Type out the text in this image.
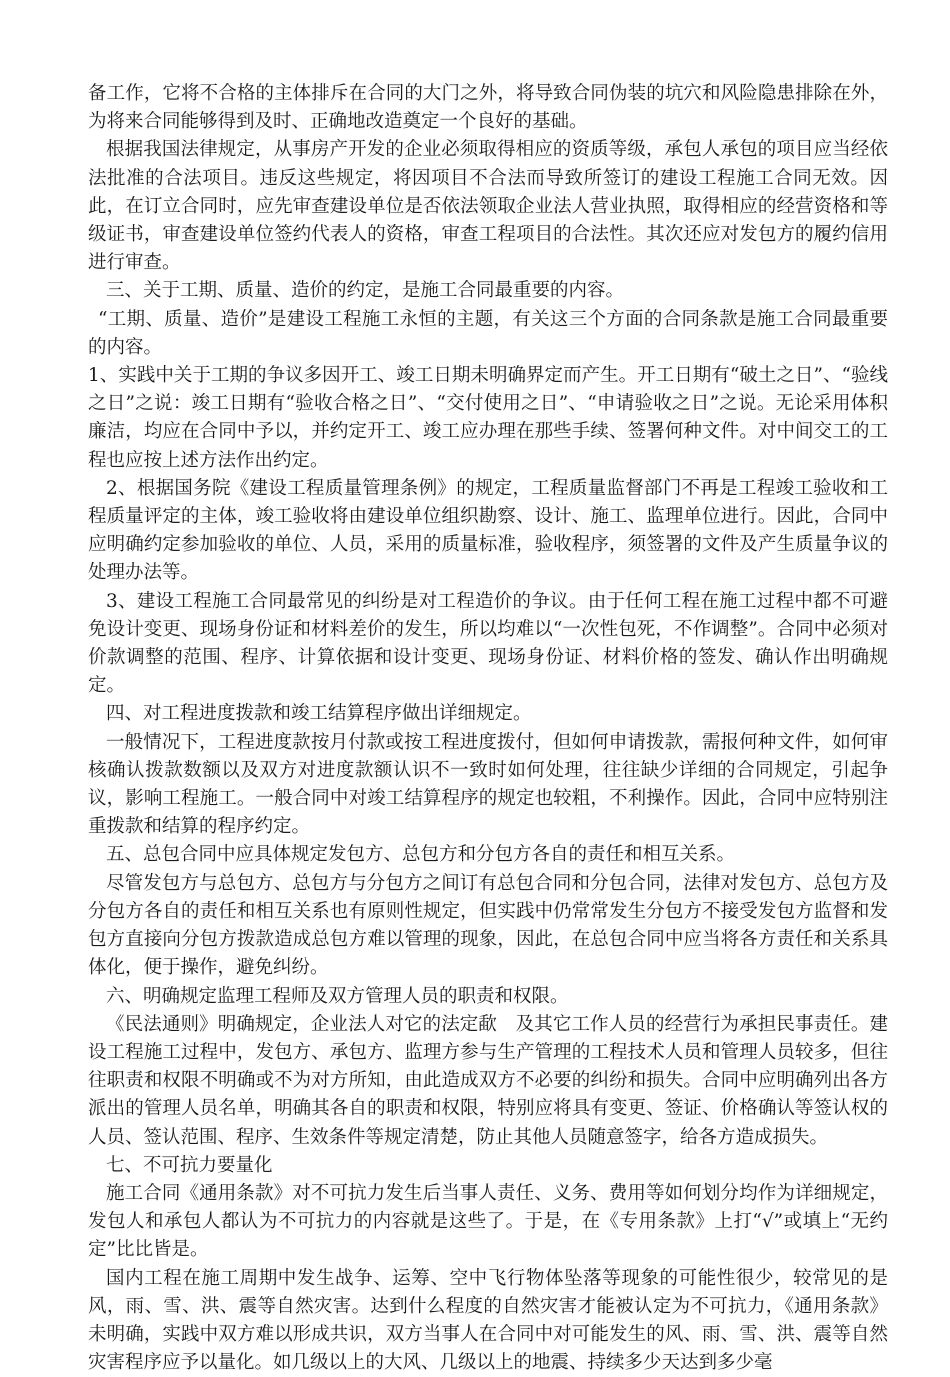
备工作，它将不合格的主体排斥在合同的大门之外，将导致合同伪装的坑穴和风险隐患排除在外，为将来合同能够得到及时、正确地改造奠定一个良好的基础。

根据我国法律规定，从事房产开发的企业必须取得相应的资质等级，承包人承包的项目应当经依法批准的合法项目。违反这些规定，将因项目不合法而导致所签订的建设工程施工合同无效。因此，在订立合同时，应先审查建设单位是否依法领取企业法人营业执照，取得相应的经营资格和等级证书，审查建设单位签约代表人的资格，审查工程项目的合法性。其次还应对发包方的履约信用进行审查。

三、关于工期、质量、造价的约定，是施工合同最重要的内容。

“工期、质量、造价”是建设工程施工永恒的主题，有关这三个方面的合同条款是施工合同最重要的内容。

1、实践中关于工期的争议多因开工、竣工日期未明确界定而产生。开工日期有“破土之日”、“验线之日”之说：竣工日期有“验收合格之日”、“交付使用之日”、“申请验收之日”之说。无论采用体积廉洁，均应在合同中予以，并约定开工、竣工应办理在那些手续、签署何种文件。对中间交工的工程也应按上述方法作出约定。

2、根据国务院《建设工程质量管理条例》的规定，工程质量监督部门不再是工程竣工验收和工程质量评定的主体，竣工验收将由建设单位组织勘察、设计、施工、监理单位进行。因此，合同中应明确约定参加验收的单位、人员，采用的质量标准，验收程序，须签署的文件及产生质量争议的处理办法等。

3、建设工程施工合同最常见的纠纷是对工程造价的争议。由于任何工程在施工过程中都不可避免设计变更、现场身份证和材料差价的发生，所以均难以“一次性包死，不作调整”。合同中必须对价款调整的范围、程序、计算依据和设计变更、现场身份证、材料价格的签发、确认作出明确规定。

四、对工程进度拨款和竣工结算程序做出详细规定。

一般情况下，工程进度款按月付款或按工程进度拨付，但如何申请拨款，需报何种文件，如何审核确认拨款数额以及双方对进度款额认识不一致时如何处理，往往缺少详细的合同规定，引起争议，影响工程施工。一般合同中对竣工结算程序的规定也较粗，不利操作。因此，合同中应特别注重拨款和结算的程序约定。

五、总包合同中应具体规定发包方、总包方和分包方各自的责任和相互关系。

尽管发包方与总包方、总包方与分包方之间订有总包合同和分包合同，法律对发包方、总包方及分包方各自的责任和相互关系也有原则性规定，但实践中仍常常发生分包方不接受发包方监督和发包方直接向分包方拨款造成总包方难以管理的现象，因此，在总包合同中应当将各方责任和关系具体化，便于操作，避免纠纷。

六、明确规定监理工程师及双方管理人员的职责和权限。

《民法通则》明确规定，企业法人对它的法定歃　及其它工作人员的经营行为承担民事责任。建设工程施工过程中，发包方、承包方、监理方参与生产管理的工程技术人员和管理人员较多，但往往职责和权限不明确或不为对方所知，由此造成双方不必要的纠纷和损失。合同中应明确列出各方派出的管理人员名单，明确其各自的职责和权限，特别应将具有变更、签证、价格确认等签认权的人员、签认范围、程序、生效条件等规定清楚，防止其他人员随意签字，给各方造成损失。

七、不可抗力要量化

施工合同《通用条款》对不可抗力发生后当事人责任、义务、费用等如何划分均作为详细规定，发包人和承包人都认为不可抗力的内容就是这些了。于是，在《专用条款》上打“√”或填上“无约定”比比皆是。

国内工程在施工周期中发生战争、运筹、空中飞行物体坠落等现象的可能性很少，较常见的是风，雨、雪、洪、震等自然灾害。达到什么程度的自然灾害才能被认定为不可抗力，《通用条款》未明确，实践中双方难以形成共识，双方当事人在合同中对可能发生的风、雨、雪、洪、震等自然灾害程序应予以量化。如几级以上的大风、几级以上的地震、持续多少天达到多少毫
